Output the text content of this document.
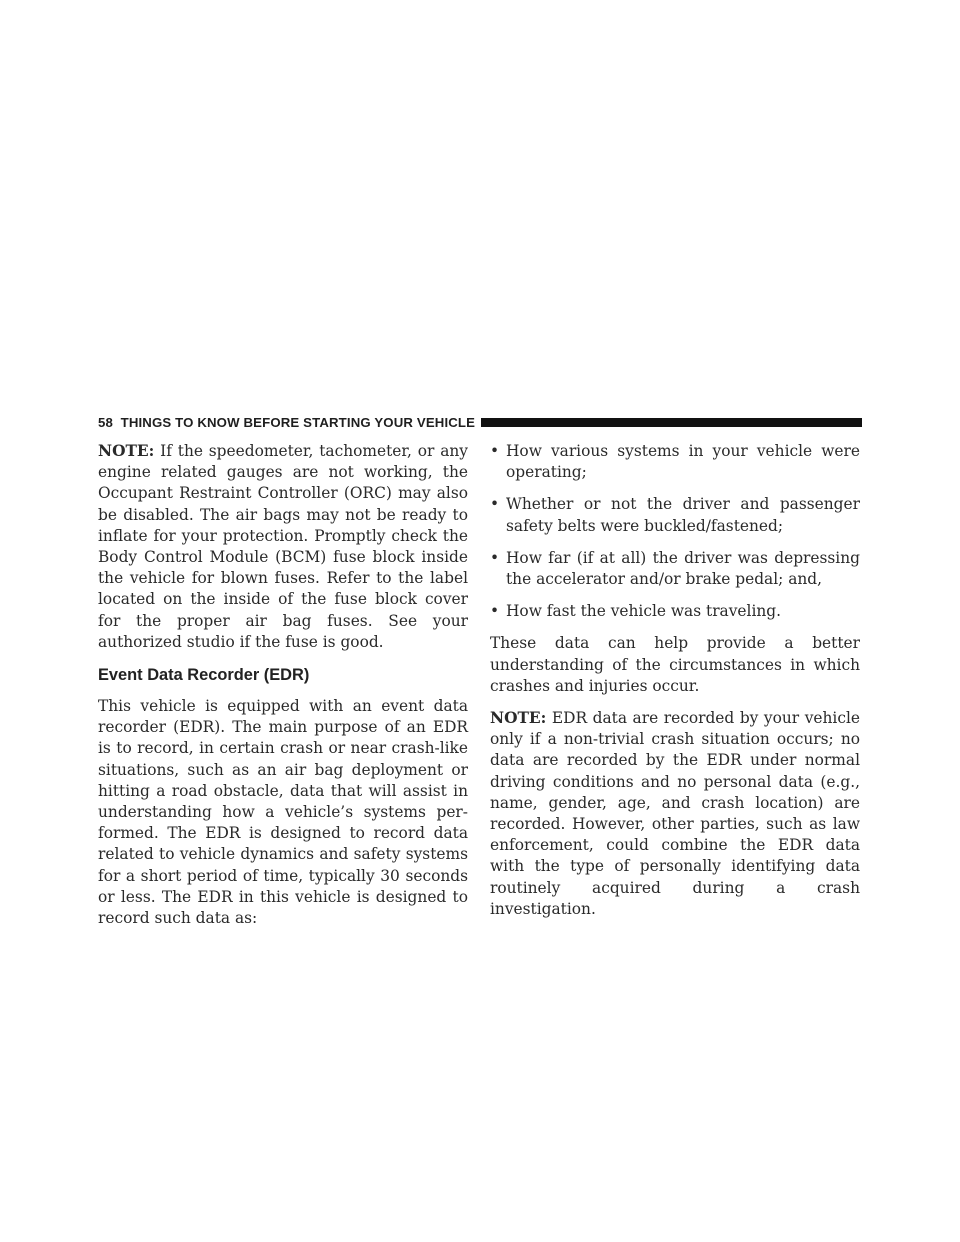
58 THINGS TO KNOW BEFORE STARTING YOUR VEHICLE

NOTE: If the speedometer, tachometer, or any engine related gauges are not working, the Occupant Restraint Controller (ORC) may also be disabled. The air bags may not be ready to inflate for your protection. Promptly check the Body Control Module (BCM) fuse block inside the vehicle for blown fuses. Refer to the label located on the inside of the fuse block cover for the proper air bag fuses. See your authorized studio if the fuse is good.

Event Data Recorder (EDR)

This vehicle is equipped with an event data recorder (EDR). The main purpose of an EDR is to record, in certain crash or near crash-like situations, such as an air bag deployment or hitting a road obstacle, data that will assist in understanding how a vehicle’s systems performed. The EDR is designed to record data related to vehicle dynamics and safety systems for a short period of time, typically 30 seconds or less. The EDR in this vehicle is designed to record such data as:

• How various systems in your vehicle were operating;
• Whether or not the driver and passenger safety belts were buckled/fastened;
• How far (if at all) the driver was depressing the accelerator and/or brake pedal; and,
• How fast the vehicle was traveling.

These data can help provide a better understanding of the circumstances in which crashes and injuries occur.

NOTE: EDR data are recorded by your vehicle only if a non-trivial crash situation occurs; no data are recorded by the EDR under normal driving conditions and no personal data (e.g., name, gender, age, and crash location) are recorded. However, other parties, such as law enforcement, could combine the EDR data with the type of personally identifying data routinely acquired during a crash investigation.
